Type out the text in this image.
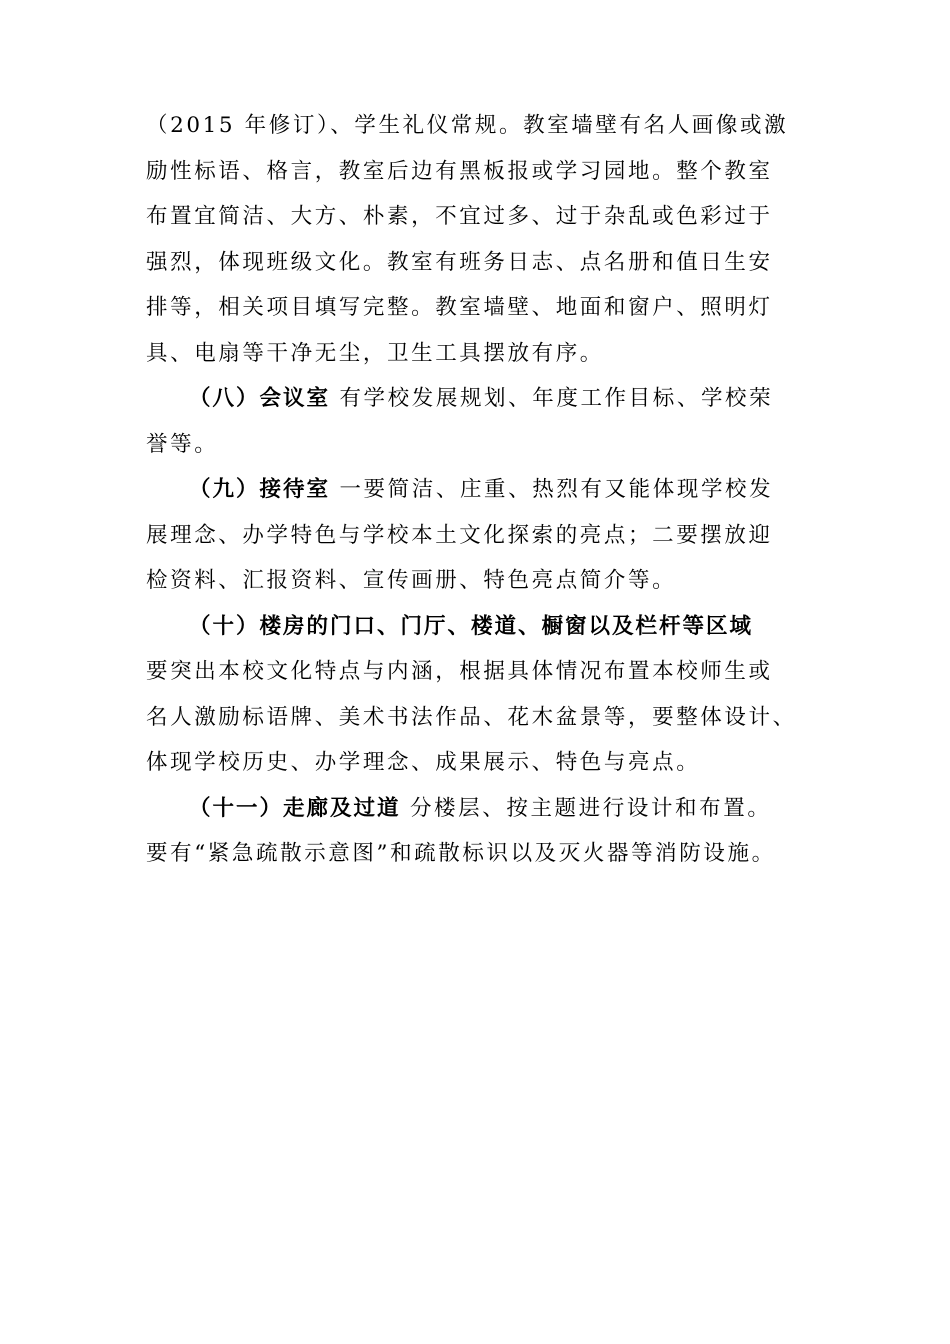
（2015 年修订）、学生礼仪常规。教室墙壁有名人画像或激
励性标语、格言，教室后边有黑板报或学习园地。整个教室
布置宜简洁、大方、朴素，不宜过多、过于杂乱或色彩过于
强烈，体现班级文化。教室有班务日志、点名册和值日生安
排等，相关项目填写完整。教室墙壁、地面和窗户、照明灯
具、电扇等干净无尘，卫生工具摆放有序。

（八）会议室 有学校发展规划、年度工作目标、学校荣
誉等。

（九）接待室 一要简洁、庄重、热烈有又能体现学校发
展理念、办学特色与学校本土文化探索的亮点；二要摆放迎
检资料、汇报资料、宣传画册、特色亮点简介等。

（十）楼房的门口、门厅、楼道、橱窗以及栏杆等区域
要突出本校文化特点与内涵，根据具体情况布置本校师生或
名人激励标语牌、美术书法作品、花木盆景等，要整体设计、
体现学校历史、办学理念、成果展示、特色与亮点。

（十一）走廊及过道 分楼层、按主题进行设计和布置。
要有“紧急疏散示意图”和疏散标识以及灭火器等消防设施。
